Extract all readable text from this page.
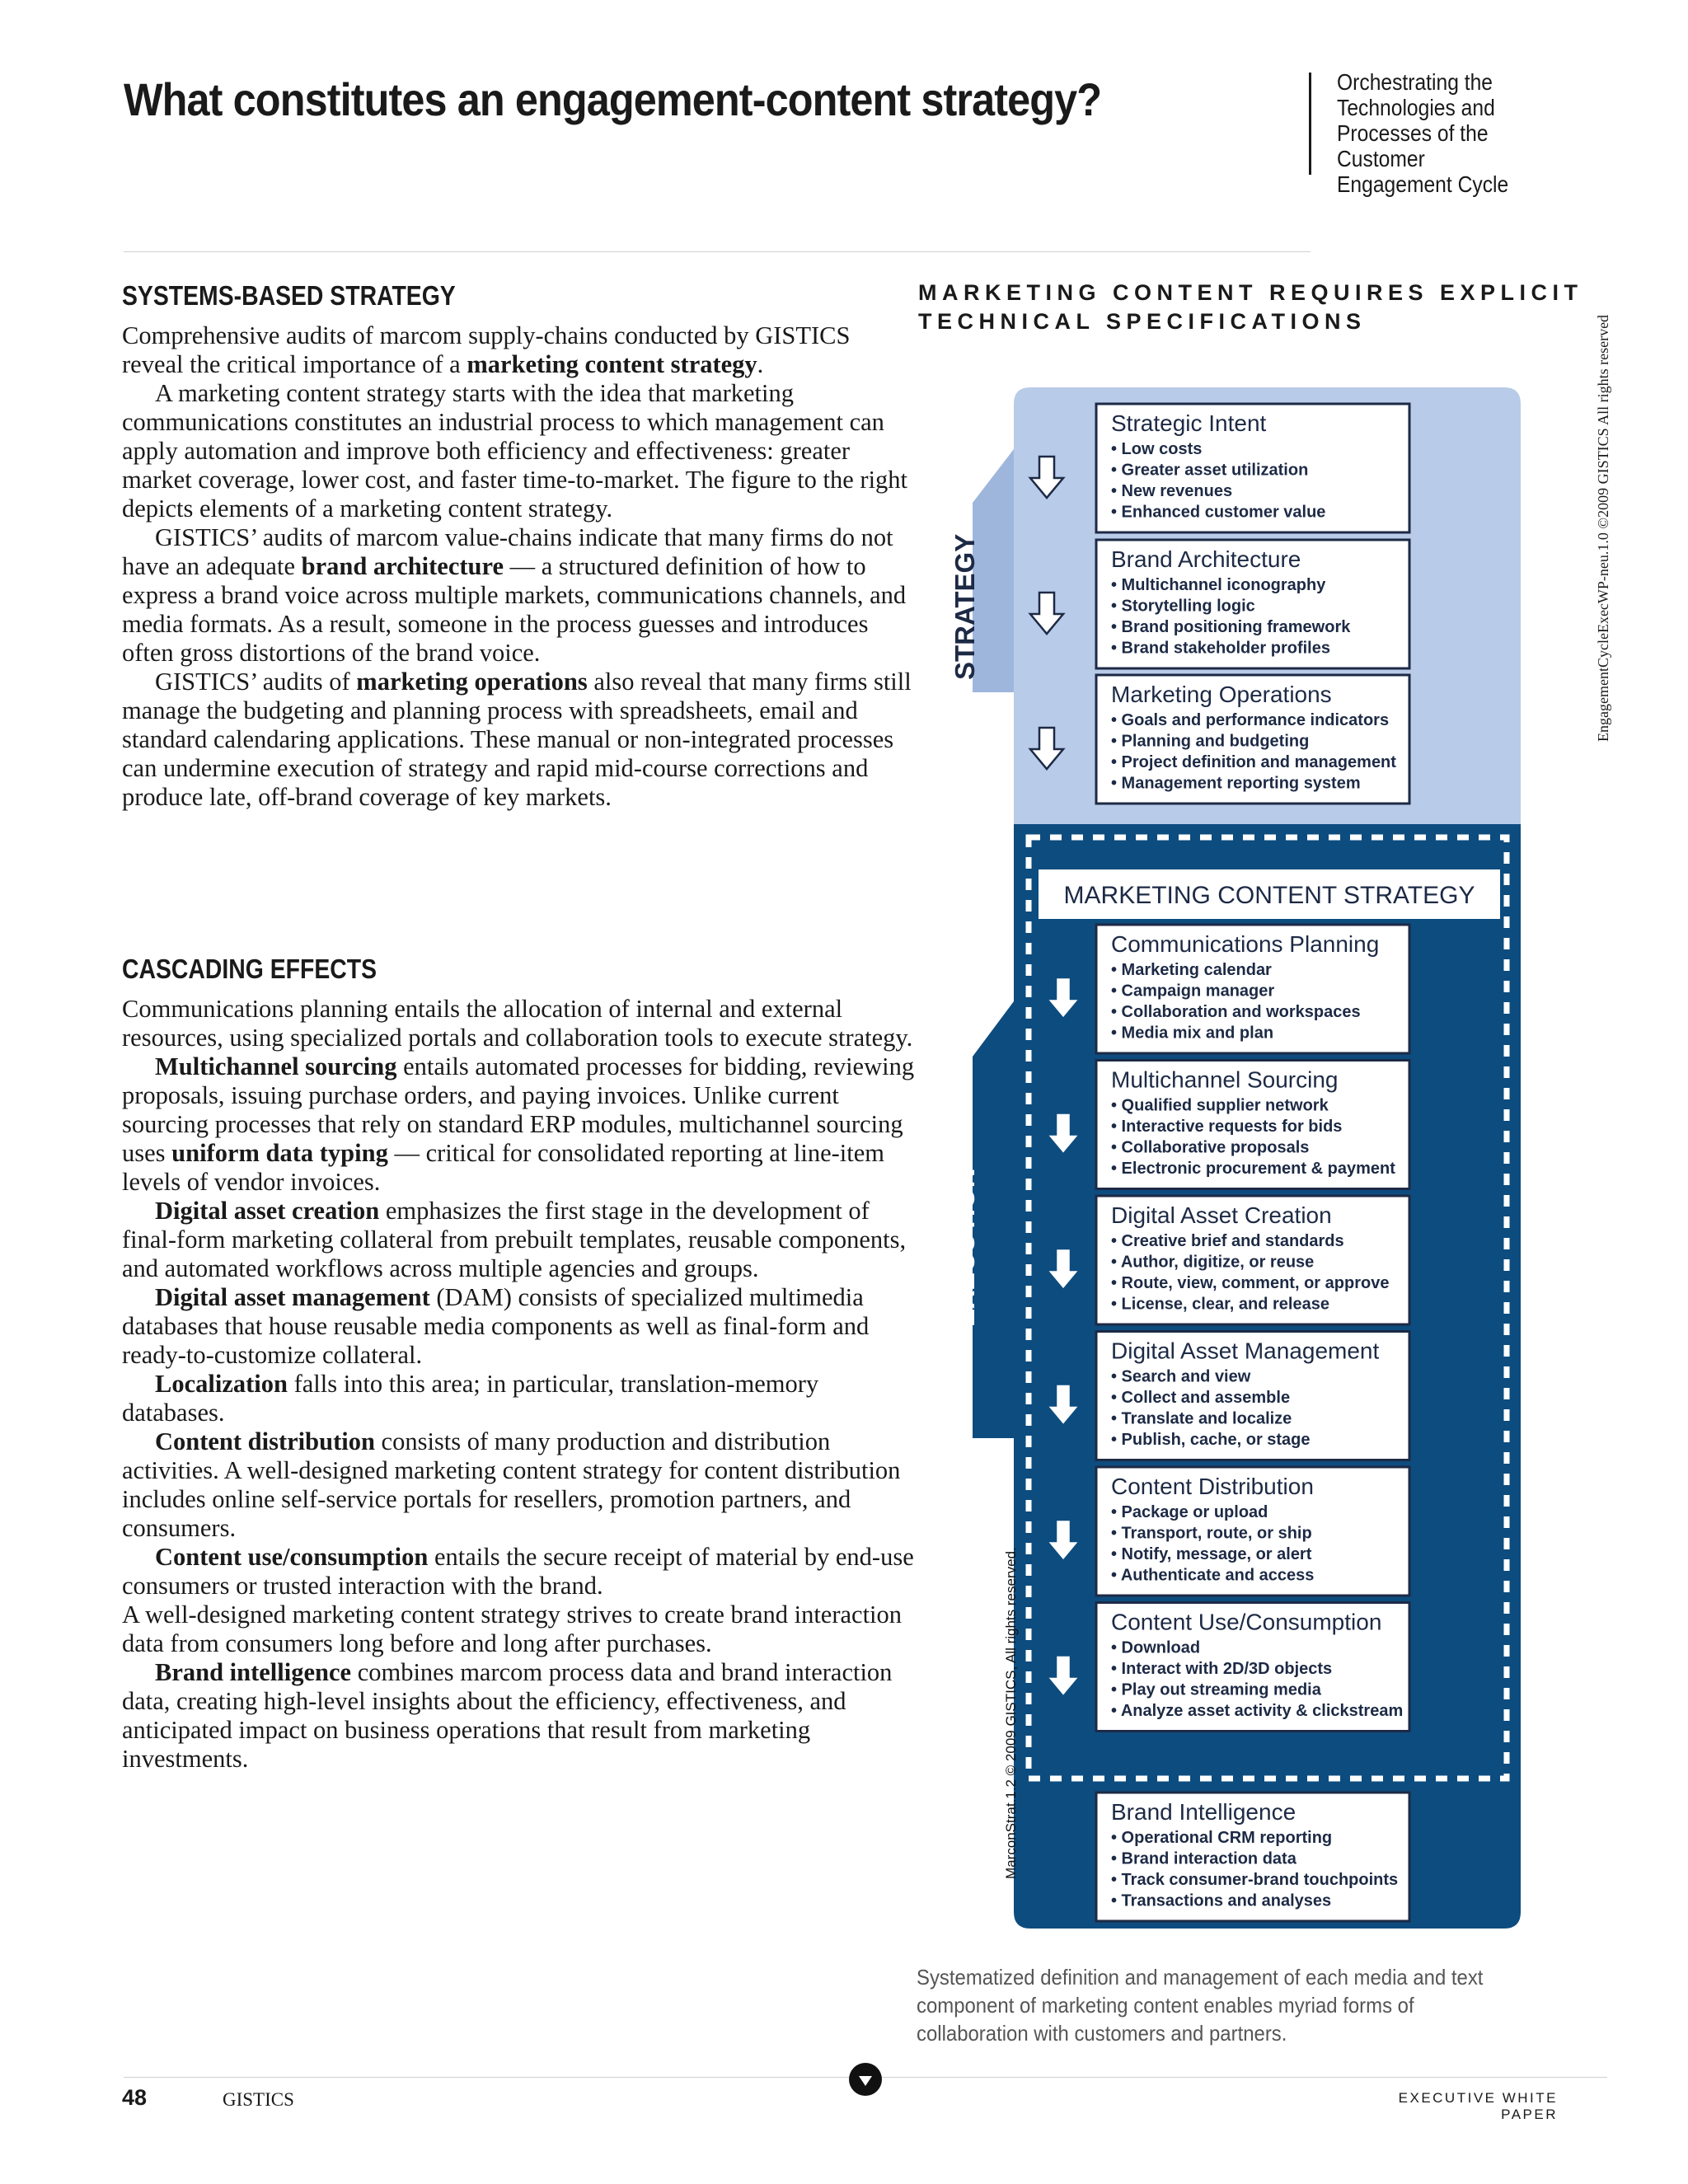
What constitutes an engagement-content strategy?	Orchestrating the
Technologies and
Processes of the
Customer
Engagement Cycle
SYSTEMS-BASED STRATEGY

Comprehensive audits of marcom supply-chains conducted by GISTICS reveal the critical importance of a marketing content strategy.

A marketing content strategy starts with the idea that marketing communications constitutes an industrial process to which management can apply automation and improve both efficiency and effectiveness: greater market coverage, lower cost, and faster time-to-market. The figure to the right depicts elements of a marketing content strategy.

GISTICS’ audits of marcom value-chains indicate that many firms do not have an adequate brand architecture — a structured definition of how to express a brand voice across multiple markets, communications channels, and media formats. As a result, someone in the process guesses and introduces often gross distortions of the brand voice.

GISTICS’ audits of marketing operations also reveal that many firms still manage the budgeting and planning process with spreadsheets, email and standard calendaring applications. These manual or non-integrated processes can undermine execution of strategy and rapid mid-course corrections and produce late, off-brand coverage of key markets.

CASCADING EFFECTS

Communications planning entails the allocation of internal and external resources, using specialized portals and collaboration tools to execute strategy.

Multichannel sourcing entails automated processes for bidding, reviewing proposals, issuing purchase orders, and paying invoices. Unlike current sourcing processes that rely on standard ERP modules, multichannel sourcing uses uniform data typing — critical for consolidated reporting at line-item levels of vendor invoices.

Digital asset creation emphasizes the first stage in the development of final-form marketing collateral from prebuilt templates, reusable components, and automated workflows across multiple agencies and groups.

Digital asset management (DAM) consists of specialized multimedia databases that house reusable media components as well as final-form and ready-to-customize collateral.

Localization falls into this area; in particular, translation-memory databases.

Content distribution consists of many production and distribution activities. A well-designed marketing content strategy for content distribution includes online self-service portals for resellers, promotion partners, and consumers.

Content use/consumption entails the secure receipt of material by end-use consumers or trusted interaction with the brand.

A well-designed marketing content strategy strives to create brand interaction data from consumers long before and long after purchases.

Brand intelligence combines marcom process data and brand interaction data, creating high-level insights about the efficiency, effectiveness, and anticipated impact on business operations that result from marketing investments.

MARKETING CONTENT REQUIRES EXPLICIT
TECHNICAL SPECIFICATIONS
STRATEGY
EXECUTION
MARKETING CONTENT STRATEGY
MarconStrat.1.2 © 2009 GISTICS, All rights reserved.
Strategic Intent
• Low costs
• Greater asset utilization
• New revenues
• Enhanced customer value
Brand Architecture
• Multichannel iconography
• Storytelling logic
• Brand positioning framework
• Brand stakeholder profiles
Marketing Operations
• Goals and performance indicators
• Planning and budgeting
• Project definition and management
• Management reporting system
Communications Planning
• Marketing calendar
• Campaign manager
• Collaboration and workspaces
• Media mix and plan
Multichannel Sourcing
• Qualified supplier network
• Interactive requests for bids
• Collaborative proposals
• Electronic procurement & payment
Digital Asset Creation
• Creative brief and standards
• Author, digitize, or reuse
• Route, view, comment, or approve
• License, clear, and release
Digital Asset Management
• Search and view
• Collect and assemble
• Translate and localize
• Publish, cache, or stage
Content Distribution
• Package or upload
• Transport, route, or ship
• Notify, message, or alert
• Authenticate and access
Content Use/Consumption
• Download
• Interact with 2D/3D objects
• Play out streaming media
• Analyze asset activity & clickstream
Brand Intelligence
• Operational CRM reporting
• Brand interaction data
• Track consumer-brand touchpoints
• Transactions and analyses
Systematized definition and management of each media and text component of marketing content enables myriad forms of collaboration with customers and partners.
EngagementCycleExecWP-neu.1.0 ©2009 GISTICS All rights reserved
48	GISTICS	EXECUTIVE WHITE PAPER
